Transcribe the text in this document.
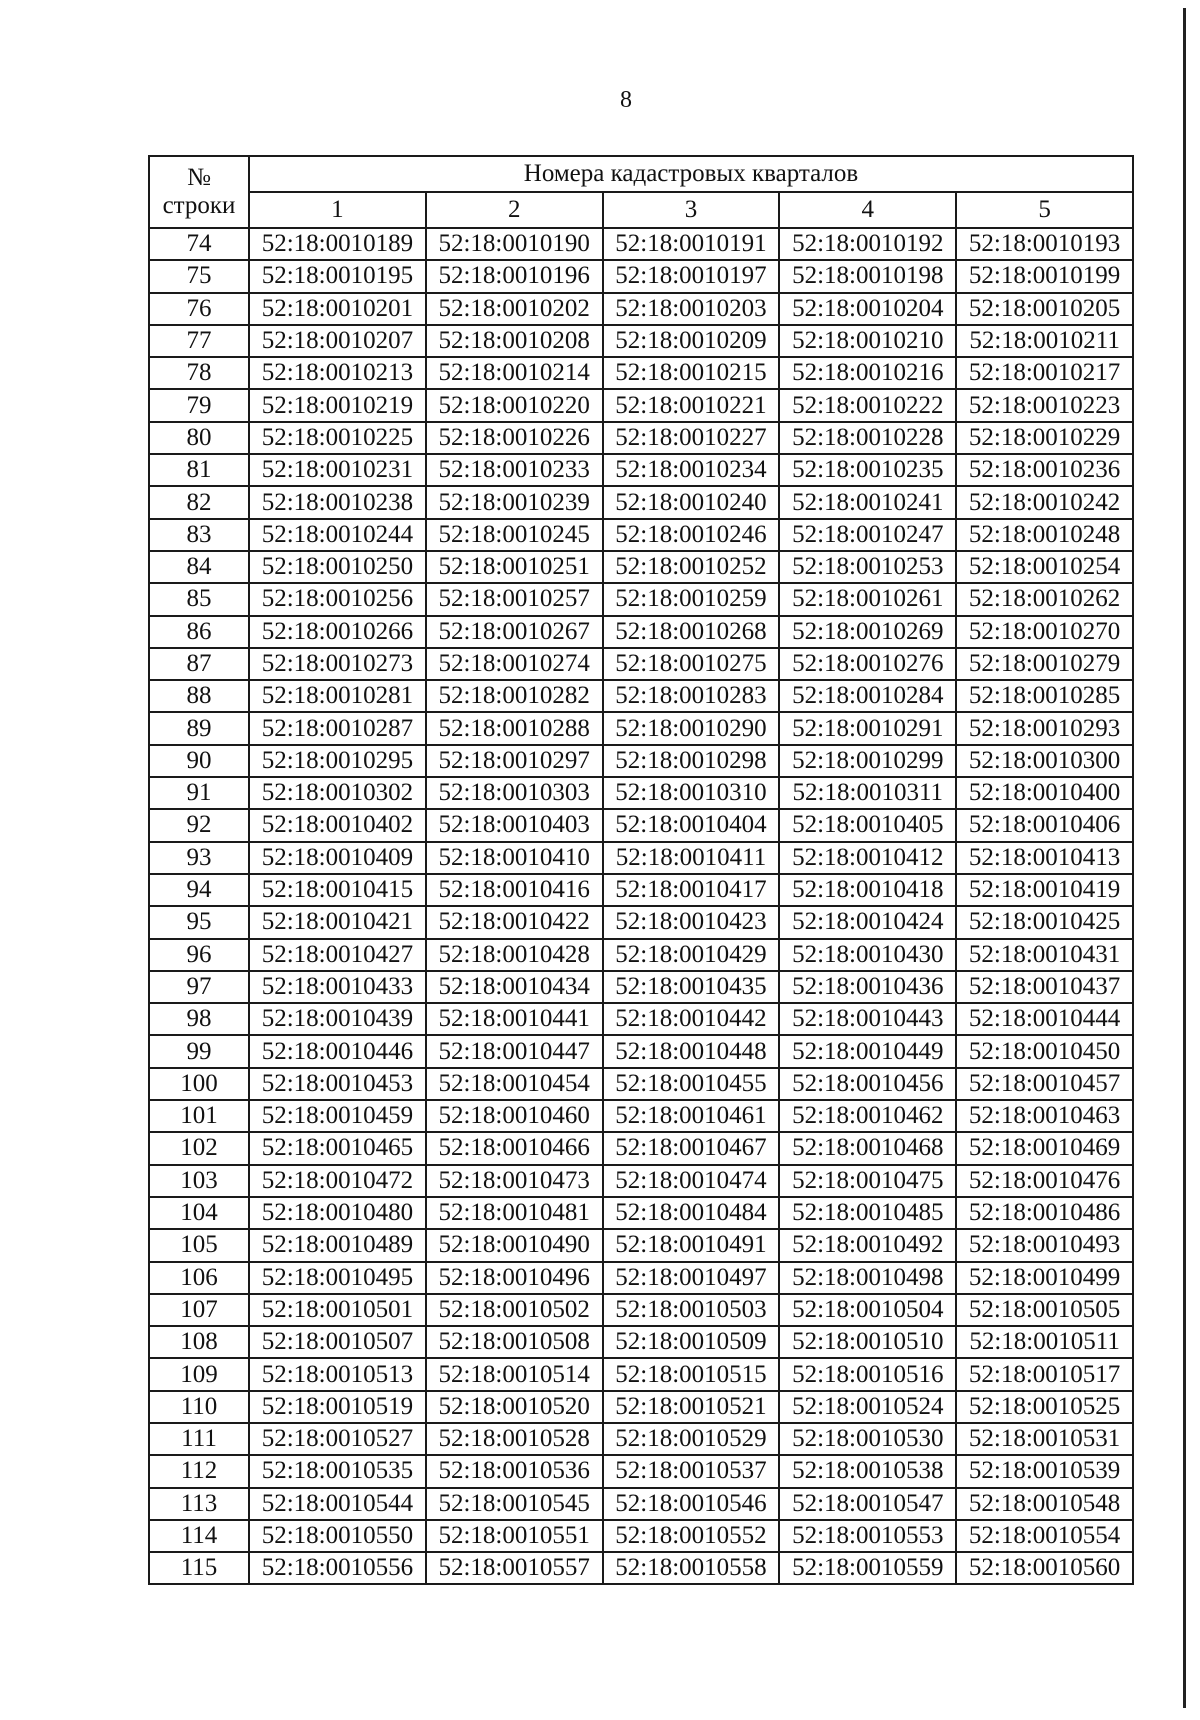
8
№
строки	Номера кадастровых кварталов				
	1	2	3	4	5
74	52:18:0010189	52:18:0010190	52:18:0010191	52:18:0010192	52:18:0010193
75	52:18:0010195	52:18:0010196	52:18:0010197	52:18:0010198	52:18:0010199
76	52:18:0010201	52:18:0010202	52:18:0010203	52:18:0010204	52:18:0010205
77	52:18:0010207	52:18:0010208	52:18:0010209	52:18:0010210	52:18:0010211
78	52:18:0010213	52:18:0010214	52:18:0010215	52:18:0010216	52:18:0010217
79	52:18:0010219	52:18:0010220	52:18:0010221	52:18:0010222	52:18:0010223
80	52:18:0010225	52:18:0010226	52:18:0010227	52:18:0010228	52:18:0010229
81	52:18:0010231	52:18:0010233	52:18:0010234	52:18:0010235	52:18:0010236
82	52:18:0010238	52:18:0010239	52:18:0010240	52:18:0010241	52:18:0010242
83	52:18:0010244	52:18:0010245	52:18:0010246	52:18:0010247	52:18:0010248
84	52:18:0010250	52:18:0010251	52:18:0010252	52:18:0010253	52:18:0010254
85	52:18:0010256	52:18:0010257	52:18:0010259	52:18:0010261	52:18:0010262
86	52:18:0010266	52:18:0010267	52:18:0010268	52:18:0010269	52:18:0010270
87	52:18:0010273	52:18:0010274	52:18:0010275	52:18:0010276	52:18:0010279
88	52:18:0010281	52:18:0010282	52:18:0010283	52:18:0010284	52:18:0010285
89	52:18:0010287	52:18:0010288	52:18:0010290	52:18:0010291	52:18:0010293
90	52:18:0010295	52:18:0010297	52:18:0010298	52:18:0010299	52:18:0010300
91	52:18:0010302	52:18:0010303	52:18:0010310	52:18:0010311	52:18:0010400
92	52:18:0010402	52:18:0010403	52:18:0010404	52:18:0010405	52:18:0010406
93	52:18:0010409	52:18:0010410	52:18:0010411	52:18:0010412	52:18:0010413
94	52:18:0010415	52:18:0010416	52:18:0010417	52:18:0010418	52:18:0010419
95	52:18:0010421	52:18:0010422	52:18:0010423	52:18:0010424	52:18:0010425
96	52:18:0010427	52:18:0010428	52:18:0010429	52:18:0010430	52:18:0010431
97	52:18:0010433	52:18:0010434	52:18:0010435	52:18:0010436	52:18:0010437
98	52:18:0010439	52:18:0010441	52:18:0010442	52:18:0010443	52:18:0010444
99	52:18:0010446	52:18:0010447	52:18:0010448	52:18:0010449	52:18:0010450
100	52:18:0010453	52:18:0010454	52:18:0010455	52:18:0010456	52:18:0010457
101	52:18:0010459	52:18:0010460	52:18:0010461	52:18:0010462	52:18:0010463
102	52:18:0010465	52:18:0010466	52:18:0010467	52:18:0010468	52:18:0010469
103	52:18:0010472	52:18:0010473	52:18:0010474	52:18:0010475	52:18:0010476
104	52:18:0010480	52:18:0010481	52:18:0010484	52:18:0010485	52:18:0010486
105	52:18:0010489	52:18:0010490	52:18:0010491	52:18:0010492	52:18:0010493
106	52:18:0010495	52:18:0010496	52:18:0010497	52:18:0010498	52:18:0010499
107	52:18:0010501	52:18:0010502	52:18:0010503	52:18:0010504	52:18:0010505
108	52:18:0010507	52:18:0010508	52:18:0010509	52:18:0010510	52:18:0010511
109	52:18:0010513	52:18:0010514	52:18:0010515	52:18:0010516	52:18:0010517
110	52:18:0010519	52:18:0010520	52:18:0010521	52:18:0010524	52:18:0010525
111	52:18:0010527	52:18:0010528	52:18:0010529	52:18:0010530	52:18:0010531
112	52:18:0010535	52:18:0010536	52:18:0010537	52:18:0010538	52:18:0010539
113	52:18:0010544	52:18:0010545	52:18:0010546	52:18:0010547	52:18:0010548
114	52:18:0010550	52:18:0010551	52:18:0010552	52:18:0010553	52:18:0010554
115	52:18:0010556	52:18:0010557	52:18:0010558	52:18:0010559	52:18:0010560
